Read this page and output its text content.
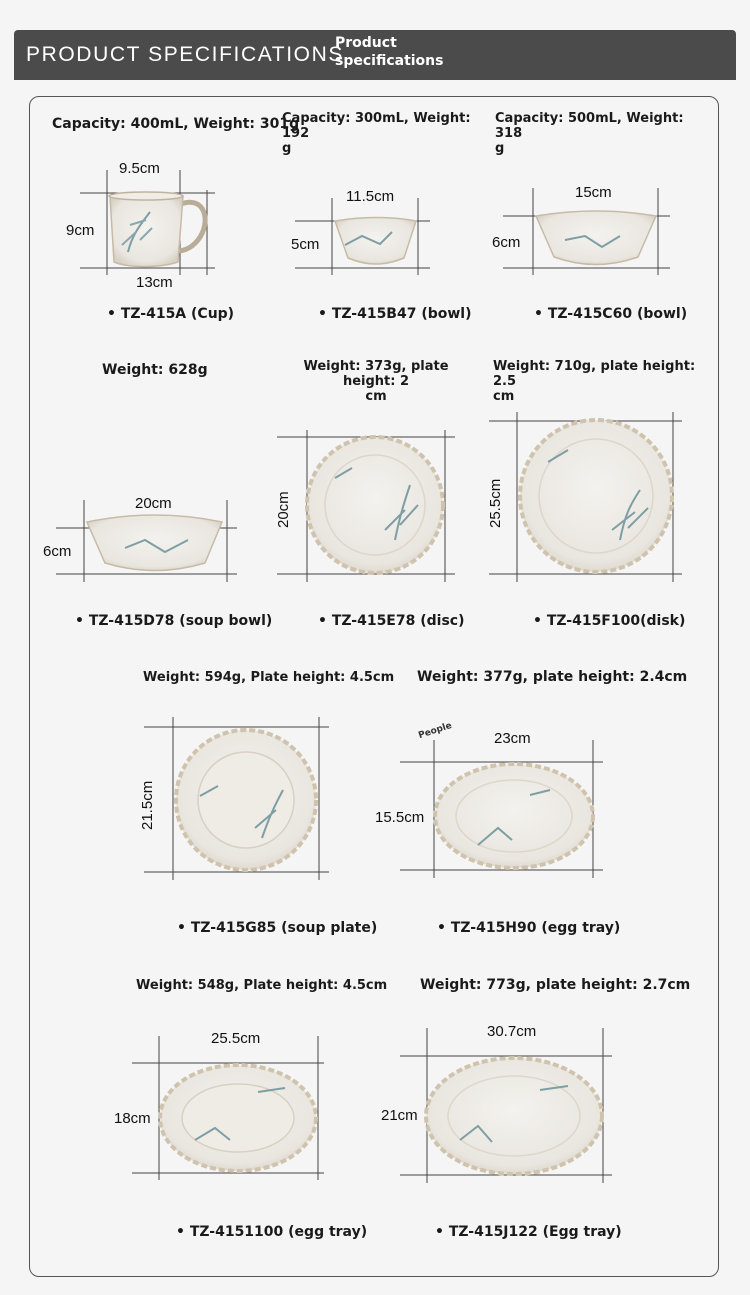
PRODUCT SPECIFICATIONS
Product
specifications
Capacity: 400mL, Weight: 301g
9.5cm
9cm
13cm
• TZ-415A (Cup)
Capacity: 300mL, Weight: 192
g
11.5cm
5cm
• TZ-415B47 (bowl)
Capacity: 500mL, Weight: 318
g
15cm
6cm
• TZ-415C60 (bowl)
Weight: 628g
20cm
6cm
• TZ-415D78 (soup bowl)
Weight: 373g, plate height: 2
cm
20cm
• TZ-415E78 (disc)
Weight: 710g, plate height: 2.5
cm
25.5cm
• TZ-415F100(disk)
Weight: 594g, Plate height: 4.5cm
21.5cm
• TZ-415G85 (soup plate)
Weight: 377g, plate height: 2.4cm
People	23cm
15.5cm
• TZ-415H90 (egg tray)
Weight: 548g, Plate height: 4.5cm
25.5cm
18cm
• TZ-4151100 (egg tray)
Weight: 773g, plate height: 2.7cm
30.7cm
21cm
• TZ-415J122 (Egg tray)
